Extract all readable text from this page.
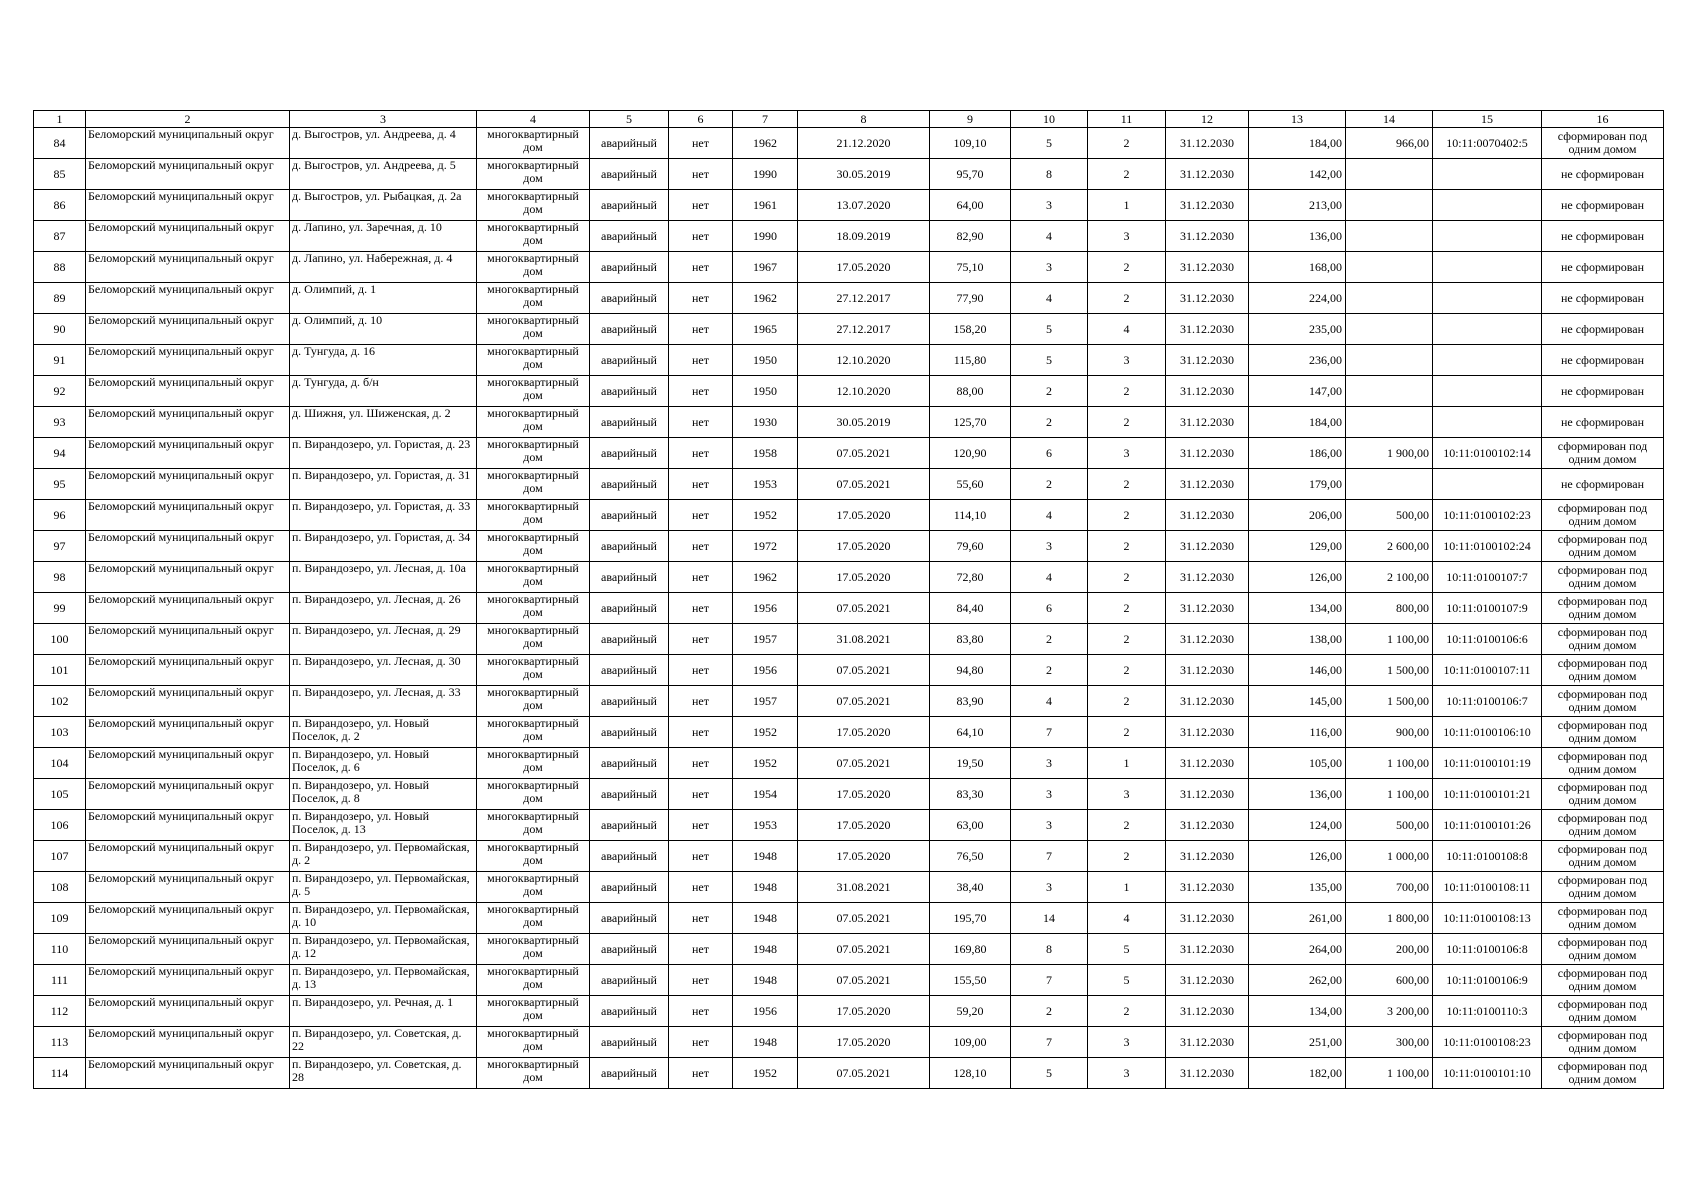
1	2	3	4	5	6	7	8	9	10	11	12	13	14	15	16
84	Беломорский муниципальный округ	д. Выгостров, ул. Андреева, д. 4	многоквартирный дом	аварийный	нет	1962	21.12.2020	109,10	5	2	31.12.2030	184,00	966,00	10:11:0070402:5	сформирован под одним домом
85	Беломорский муниципальный округ	д. Выгостров, ул. Андреева, д. 5	многоквартирный дом	аварийный	нет	1990	30.05.2019	95,70	8	2	31.12.2030	142,00			не сформирован
86	Беломорский муниципальный округ	д. Выгостров, ул. Рыбацкая, д. 2а	многоквартирный дом	аварийный	нет	1961	13.07.2020	64,00	3	1	31.12.2030	213,00			не сформирован
87	Беломорский муниципальный округ	д. Лапино, ул. Заречная, д. 10	многоквартирный дом	аварийный	нет	1990	18.09.2019	82,90	4	3	31.12.2030	136,00			не сформирован
88	Беломорский муниципальный округ	д. Лапино, ул. Набережная, д. 4	многоквартирный дом	аварийный	нет	1967	17.05.2020	75,10	3	2	31.12.2030	168,00			не сформирован
89	Беломорский муниципальный округ	д. Олимпий, д. 1	многоквартирный дом	аварийный	нет	1962	27.12.2017	77,90	4	2	31.12.2030	224,00			не сформирован
90	Беломорский муниципальный округ	д. Олимпий, д. 10	многоквартирный дом	аварийный	нет	1965	27.12.2017	158,20	5	4	31.12.2030	235,00			не сформирован
91	Беломорский муниципальный округ	д. Тунгуда, д. 16	многоквартирный дом	аварийный	нет	1950	12.10.2020	115,80	5	3	31.12.2030	236,00			не сформирован
92	Беломорский муниципальный округ	д. Тунгуда, д. б/н	многоквартирный дом	аварийный	нет	1950	12.10.2020	88,00	2	2	31.12.2030	147,00			не сформирован
93	Беломорский муниципальный округ	д. Шижня, ул. Шиженская, д. 2	многоквартирный дом	аварийный	нет	1930	30.05.2019	125,70	2	2	31.12.2030	184,00			не сформирован
94	Беломорский муниципальный округ	п. Вирандозеро, ул. Гористая, д. 23	многоквартирный дом	аварийный	нет	1958	07.05.2021	120,90	6	3	31.12.2030	186,00	1 900,00	10:11:0100102:14	сформирован под одним домом
95	Беломорский муниципальный округ	п. Вирандозеро, ул. Гористая, д. 31	многоквартирный дом	аварийный	нет	1953	07.05.2021	55,60	2	2	31.12.2030	179,00			не сформирован
96	Беломорский муниципальный округ	п. Вирандозеро, ул. Гористая, д. 33	многоквартирный дом	аварийный	нет	1952	17.05.2020	114,10	4	2	31.12.2030	206,00	500,00	10:11:0100102:23	сформирован под одним домом
97	Беломорский муниципальный округ	п. Вирандозеро, ул. Гористая, д. 34	многоквартирный дом	аварийный	нет	1972	17.05.2020	79,60	3	2	31.12.2030	129,00	2 600,00	10:11:0100102:24	сформирован под одним домом
98	Беломорский муниципальный округ	п. Вирандозеро, ул. Лесная, д. 10а	многоквартирный дом	аварийный	нет	1962	17.05.2020	72,80	4	2	31.12.2030	126,00	2 100,00	10:11:0100107:7	сформирован под одним домом
99	Беломорский муниципальный округ	п. Вирандозеро, ул. Лесная, д. 26	многоквартирный дом	аварийный	нет	1956	07.05.2021	84,40	6	2	31.12.2030	134,00	800,00	10:11:0100107:9	сформирован под одним домом
100	Беломорский муниципальный округ	п. Вирандозеро, ул. Лесная, д. 29	многоквартирный дом	аварийный	нет	1957	31.08.2021	83,80	2	2	31.12.2030	138,00	1 100,00	10:11:0100106:6	сформирован под одним домом
101	Беломорский муниципальный округ	п. Вирандозеро, ул. Лесная, д. 30	многоквартирный дом	аварийный	нет	1956	07.05.2021	94,80	2	2	31.12.2030	146,00	1 500,00	10:11:0100107:11	сформирован под одним домом
102	Беломорский муниципальный округ	п. Вирандозеро, ул. Лесная, д. 33	многоквартирный дом	аварийный	нет	1957	07.05.2021	83,90	4	2	31.12.2030	145,00	1 500,00	10:11:0100106:7	сформирован под одним домом
103	Беломорский муниципальный округ	п. Вирандозеро, ул. Новый Поселок, д. 2	многоквартирный дом	аварийный	нет	1952	17.05.2020	64,10	7	2	31.12.2030	116,00	900,00	10:11:0100106:10	сформирован под одним домом
104	Беломорский муниципальный округ	п. Вирандозеро, ул. Новый Поселок, д. 6	многоквартирный дом	аварийный	нет	1952	07.05.2021	19,50	3	1	31.12.2030	105,00	1 100,00	10:11:0100101:19	сформирован под одним домом
105	Беломорский муниципальный округ	п. Вирандозеро, ул. Новый Поселок, д. 8	многоквартирный дом	аварийный	нет	1954	17.05.2020	83,30	3	3	31.12.2030	136,00	1 100,00	10:11:0100101:21	сформирован под одним домом
106	Беломорский муниципальный округ	п. Вирандозеро, ул. Новый Поселок, д. 13	многоквартирный дом	аварийный	нет	1953	17.05.2020	63,00	3	2	31.12.2030	124,00	500,00	10:11:0100101:26	сформирован под одним домом
107	Беломорский муниципальный округ	п. Вирандозеро, ул. Первомайская, д. 2	многоквартирный дом	аварийный	нет	1948	17.05.2020	76,50	7	2	31.12.2030	126,00	1 000,00	10:11:0100108:8	сформирован под одним домом
108	Беломорский муниципальный округ	п. Вирандозеро, ул. Первомайская, д. 5	многоквартирный дом	аварийный	нет	1948	31.08.2021	38,40	3	1	31.12.2030	135,00	700,00	10:11:0100108:11	сформирован под одним домом
109	Беломорский муниципальный округ	п. Вирандозеро, ул. Первомайская, д. 10	многоквартирный дом	аварийный	нет	1948	07.05.2021	195,70	14	4	31.12.2030	261,00	1 800,00	10:11:0100108:13	сформирован под одним домом
110	Беломорский муниципальный округ	п. Вирандозеро, ул. Первомайская, д. 12	многоквартирный дом	аварийный	нет	1948	07.05.2021	169,80	8	5	31.12.2030	264,00	200,00	10:11:0100106:8	сформирован под одним домом
111	Беломорский муниципальный округ	п. Вирандозеро, ул. Первомайская, д. 13	многоквартирный дом	аварийный	нет	1948	07.05.2021	155,50	7	5	31.12.2030	262,00	600,00	10:11:0100106:9	сформирован под одним домом
112	Беломорский муниципальный округ	п. Вирандозеро, ул. Речная, д. 1	многоквартирный дом	аварийный	нет	1956	17.05.2020	59,20	2	2	31.12.2030	134,00	3 200,00	10:11:0100110:3	сформирован под одним домом
113	Беломорский муниципальный округ	п. Вирандозеро, ул. Советская, д. 22	многоквартирный дом	аварийный	нет	1948	17.05.2020	109,00	7	3	31.12.2030	251,00	300,00	10:11:0100108:23	сформирован под одним домом
114	Беломорский муниципальный округ	п. Вирандозеро, ул. Советская, д. 28	многоквартирный дом	аварийный	нет	1952	07.05.2021	128,10	5	3	31.12.2030	182,00	1 100,00	10:11:0100101:10	сформирован под одним домом
